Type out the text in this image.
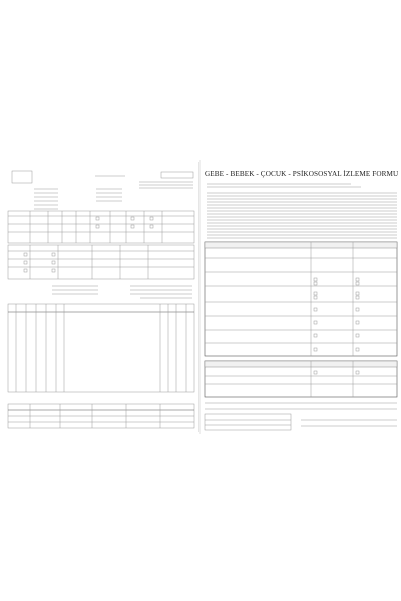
GEBE - BEBEK - ÇOCUK - PSİKOSOSYAL İZLEME FORMU
